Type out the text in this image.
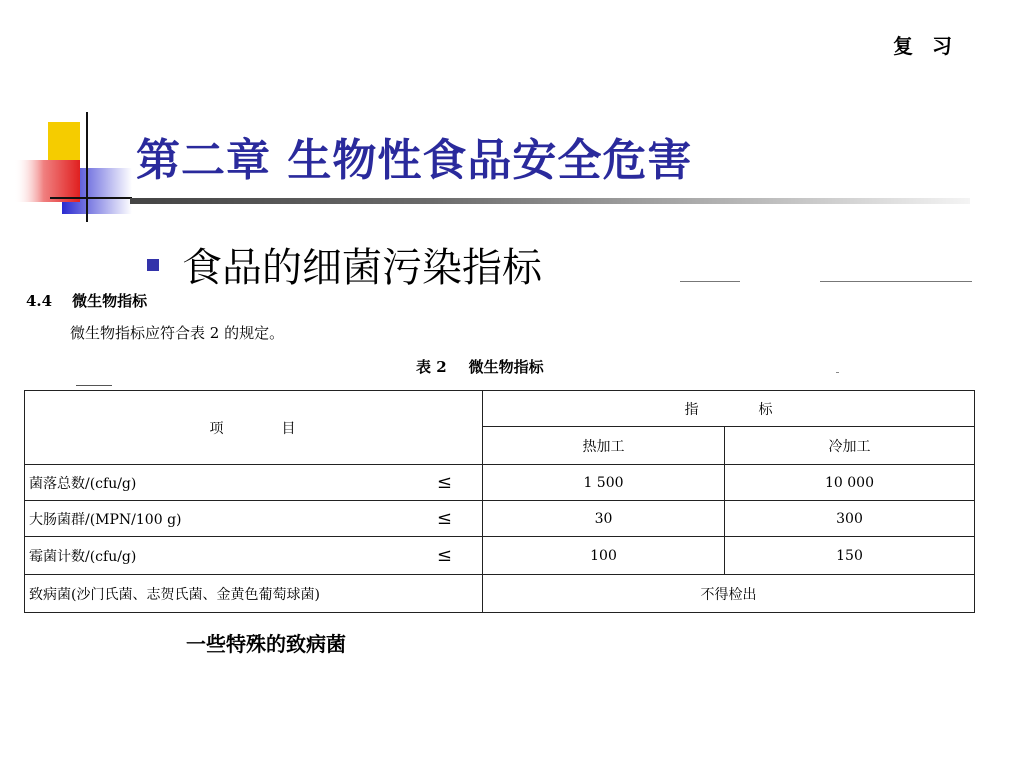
复 习
第二章 生物性食品安全危害
食品的细菌污染指标
4.4 微生物指标
微生物指标应符合表 2 的规定。
表 2 微生物指标
项 目	指 标	
	热加工	冷加工

菌落总数/(cfu/g) ≤	1 500	10 000

大肠菌群/(MPN/100 g) ≤	30	300

霉菌计数/(cfu/g) ≤	100	150
致病菌(沙门氏菌、志贺氏菌、金黄色葡萄球菌)	不得检出	
一些特殊的致病菌
